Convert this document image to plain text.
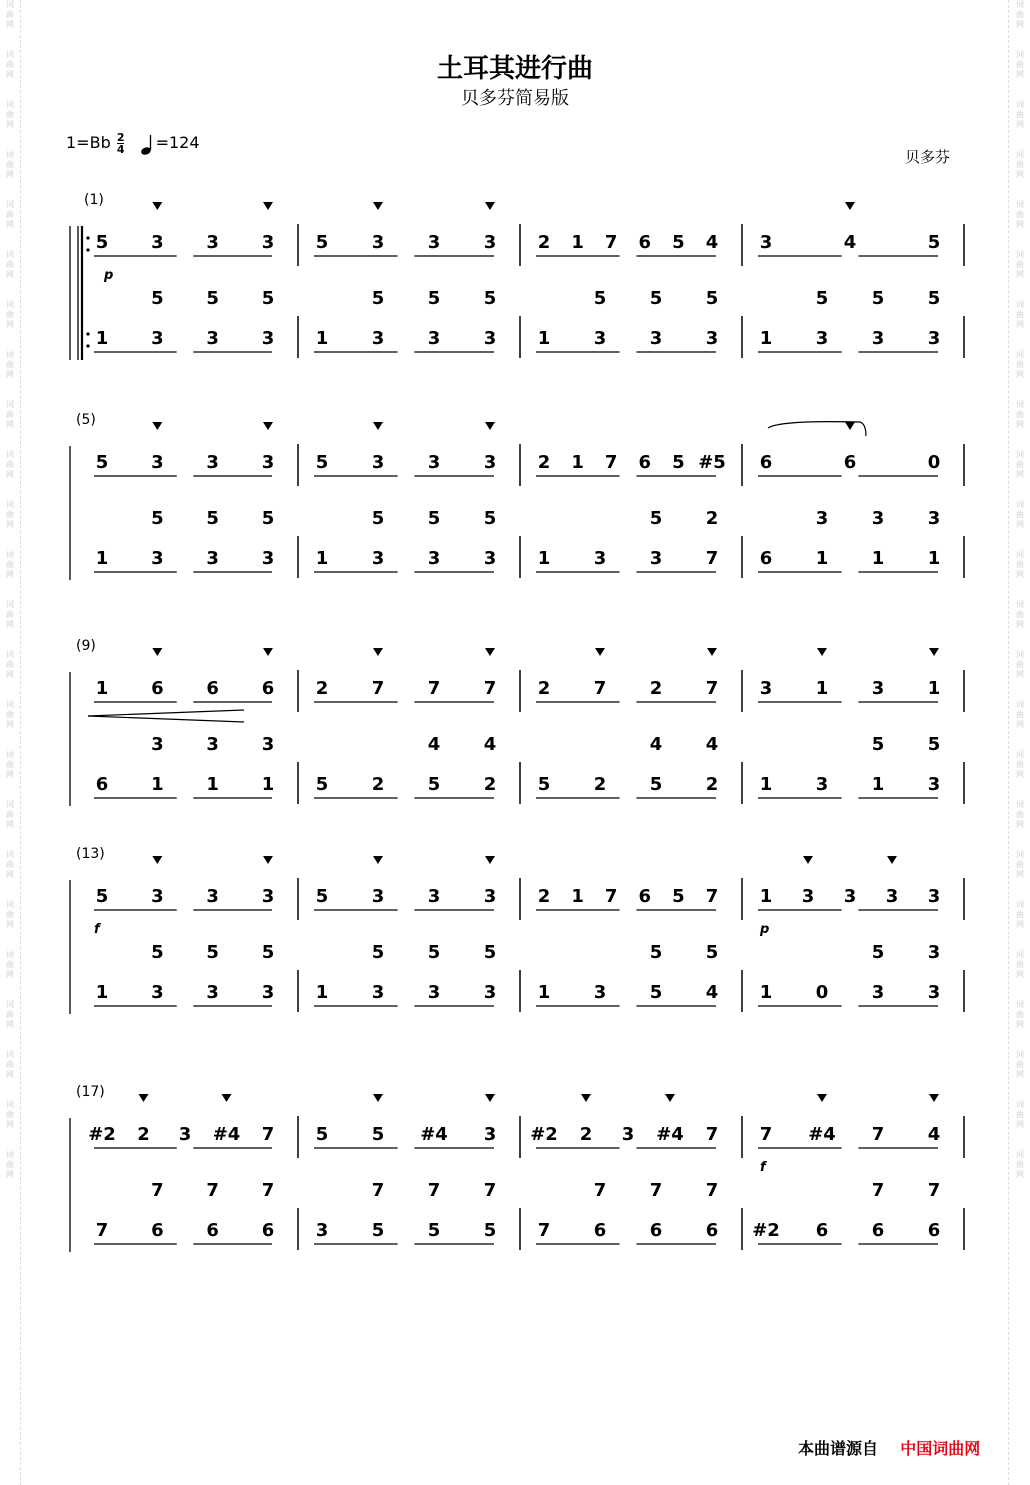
词
曲
网

词
曲
网

词
曲
网

词
曲
网

词
曲
网

词
曲
网

词
曲
网

词
曲
网

词
曲
网

词
曲
网

词
曲
网

词
曲
网

词
曲
网

词
曲
网

词
曲
网

词
曲
网

词
曲
网

词
曲
网

词
曲
网

词
曲
网

词
曲
网

词
曲
网

词
曲
网

词
曲
网

词
曲
网

词
曲
网

词
曲
网

词
曲
网

词
曲
网

词
曲
网

词
曲
网

词
曲
网

词
曲
网

词
曲
网

词
曲
网

词
曲
网

词
曲
网

词
曲
网

词
曲
网

词
曲
网

词
曲
网

词
曲
网

词
曲
网

词
曲
网

词
曲
网

词
曲
网

词
曲
网

词
曲
网

土耳其进行曲
贝多芬简易版
$1=Bb \frac{2}{4}$
=124
贝多芬
(1)
5 3 3 3 5 3 3 3 2 1 7 6 5 4 3	4	5
5 5 5	5 5 5	5 5 5	5 5 5
1 3 3 3 1 3 3 3 1 3 3 3 1 3 3 3
p
(5)
5 3 3 3 5 3 3 3 2 1 7 6 5 #5 6	6	0
5 5 5	5 5 5	5 2	3 3 3
1 3 3 3 1 3 3 3 1 3 3 7 6 1 1 1
(9)
1 6 6 6 2 7 7 7 2 7 2 7 3 1 3 1
3 3 3	4 4	4 4	5 5
6 1 1 1 5 2 5 2 5 2 5 2 1 3 1 3
(13)
5 3 3 3 5 3 3 3 2 1 7 6 5 7 1 3 3 3 3
5 5 5	5 5 5	5 5	5 3
1 3 3 3 1 3 3 3 1 3 5 4 1 0 3 3
f	p
(17)
#2 2 3 #4 7 5 5 #4 3 #2 2 3 #4 7 7 #4 7 4
7 7 7	7 7 7	7 7 7	7 7
7 6 6 6 3 5 5 5 7 6 6 6 #2 6 6 6
f
本曲谱源自 中国词曲网
